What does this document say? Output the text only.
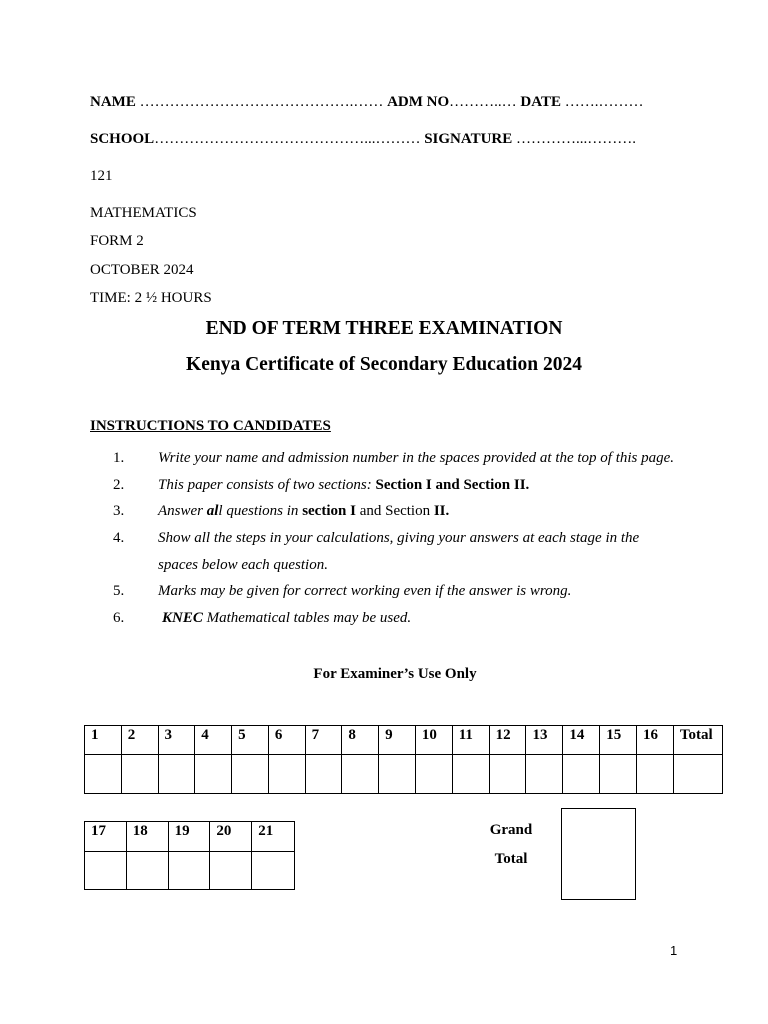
NAME …………………………………….…… ADM NO………..… DATE …….………
SCHOOL……………………………………...……… SIGNATURE …………...……….
121
MATHEMATICS
FORM 2
OCTOBER 2024
TIME: 2 ½ HOURS
END OF TERM THREE EXAMINATION
Kenya Certificate of Secondary Education 2024
INSTRUCTIONS TO CANDIDATES
1. Write your name and admission number in the spaces provided at the top of this page.
2. This paper consists of two sections: Section I and Section II.
3. Answer all questions in section I and Section II.
4. Show all the steps in your calculations, giving your answers at each stage in the
spaces below each question.
5. Marks may be given for correct working even if the answer is wrong.
6.	KNEC Mathematical tables may be used.
For Examiner’s Use Only
1	2	3	4	5	6	7	8	9	10	11	12	13	14	15	16	Total

17	18	19	20	21
					Grand
Total
1
